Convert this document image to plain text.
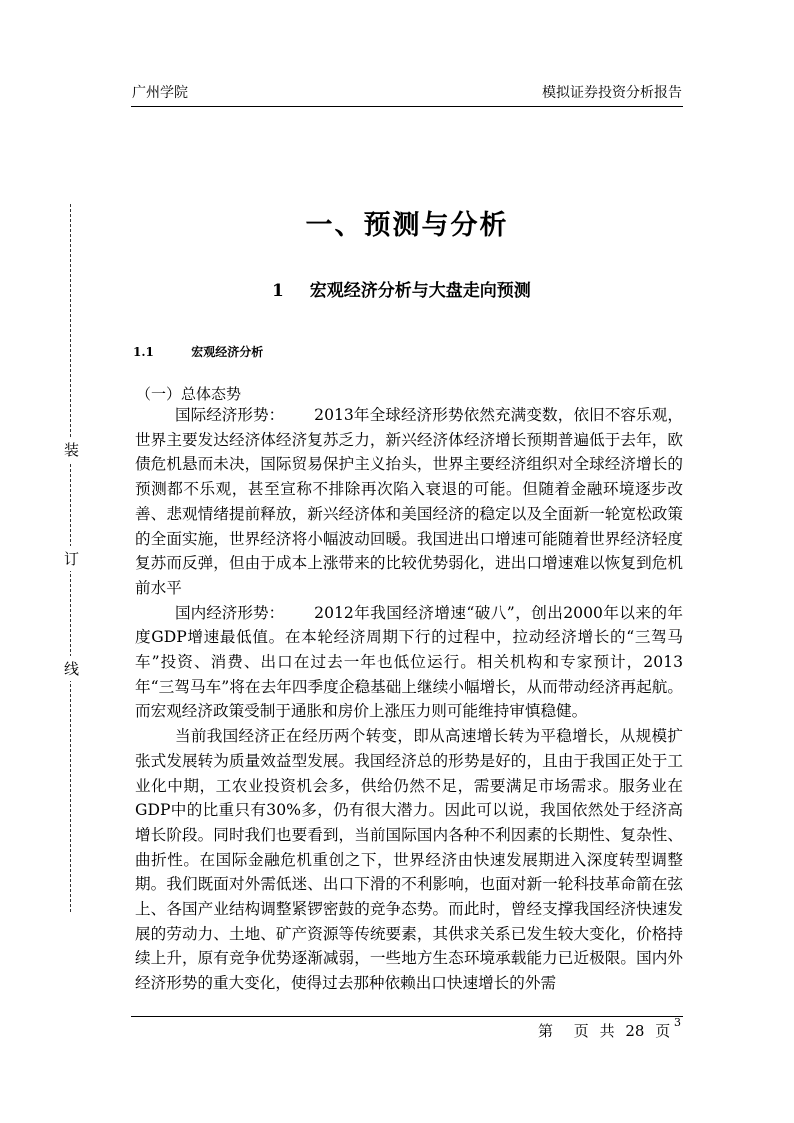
广州学院	模拟证券投资分析报告
装
订
线
一、预测与分析
1 宏观经济分析与大盘走向预测
1.1	宏观经济分析
（一）总体态势

国际经济形势： 2013年全球经济形势依然充满变数，依旧不容乐观，世界主要发达经济体经济复苏乏力，新兴经济体经济增长预期普遍低于去年，欧债危机悬而未决，国际贸易保护主义抬头，世界主要经济组织对全球经济增长的预测都不乐观，甚至宣称不排除再次陷入衰退的可能。但随着金融环境逐步改善、悲观情绪提前释放，新兴经济体和美国经济的稳定以及全面新一轮宽松政策的全面实施，世界经济将小幅波动回暖。我国进出口增速可能随着世界经济轻度复苏而反弹，但由于成本上涨带来的比较优势弱化，进出口增速难以恢复到危机前水平

国内经济形势： 2012年我国经济增速“破八”，创出2000年以来的年度GDP增速最低值。在本轮经济周期下行的过程中，拉动经济增长的“三驾马车”投资、消费、出口在过去一年也低位运行。相关机构和专家预计，2013年“三驾马车”将在去年四季度企稳基础上继续小幅增长，从而带动经济再起航。而宏观经济政策受制于通胀和房价上涨压力则可能维持审慎稳健。

当前我国经济正在经历两个转变，即从高速增长转为平稳增长，从规模扩张式发展转为质量效益型发展。我国经济总的形势是好的，且由于我国正处于工业化中期，工农业投资机会多，供给仍然不足，需要满足市场需求。服务业在GDP中的比重只有30%多，仍有很大潜力。因此可以说，我国依然处于经济高增长阶段。同时我们也要看到，当前国际国内各种不利因素的长期性、复杂性、曲折性。在国际金融危机重创之下，世界经济由快速发展期进入深度转型调整期。我们既面对外需低迷、出口下滑的不利影响，也面对新一轮科技革命箭在弦上、各国产业结构调整紧锣密鼓的竞争态势。而此时，曾经支撑我国经济快速发展的劳动力、土地、矿产资源等传统要素，其供求关系已发生较大变化，价格持续上升，原有竞争优势逐渐减弱，一些地方生态环境承载能力已近极限。国内外经济形势的重大变化，使得过去那种依赖出口快速增长的外需

第 页 共 28 页 3
